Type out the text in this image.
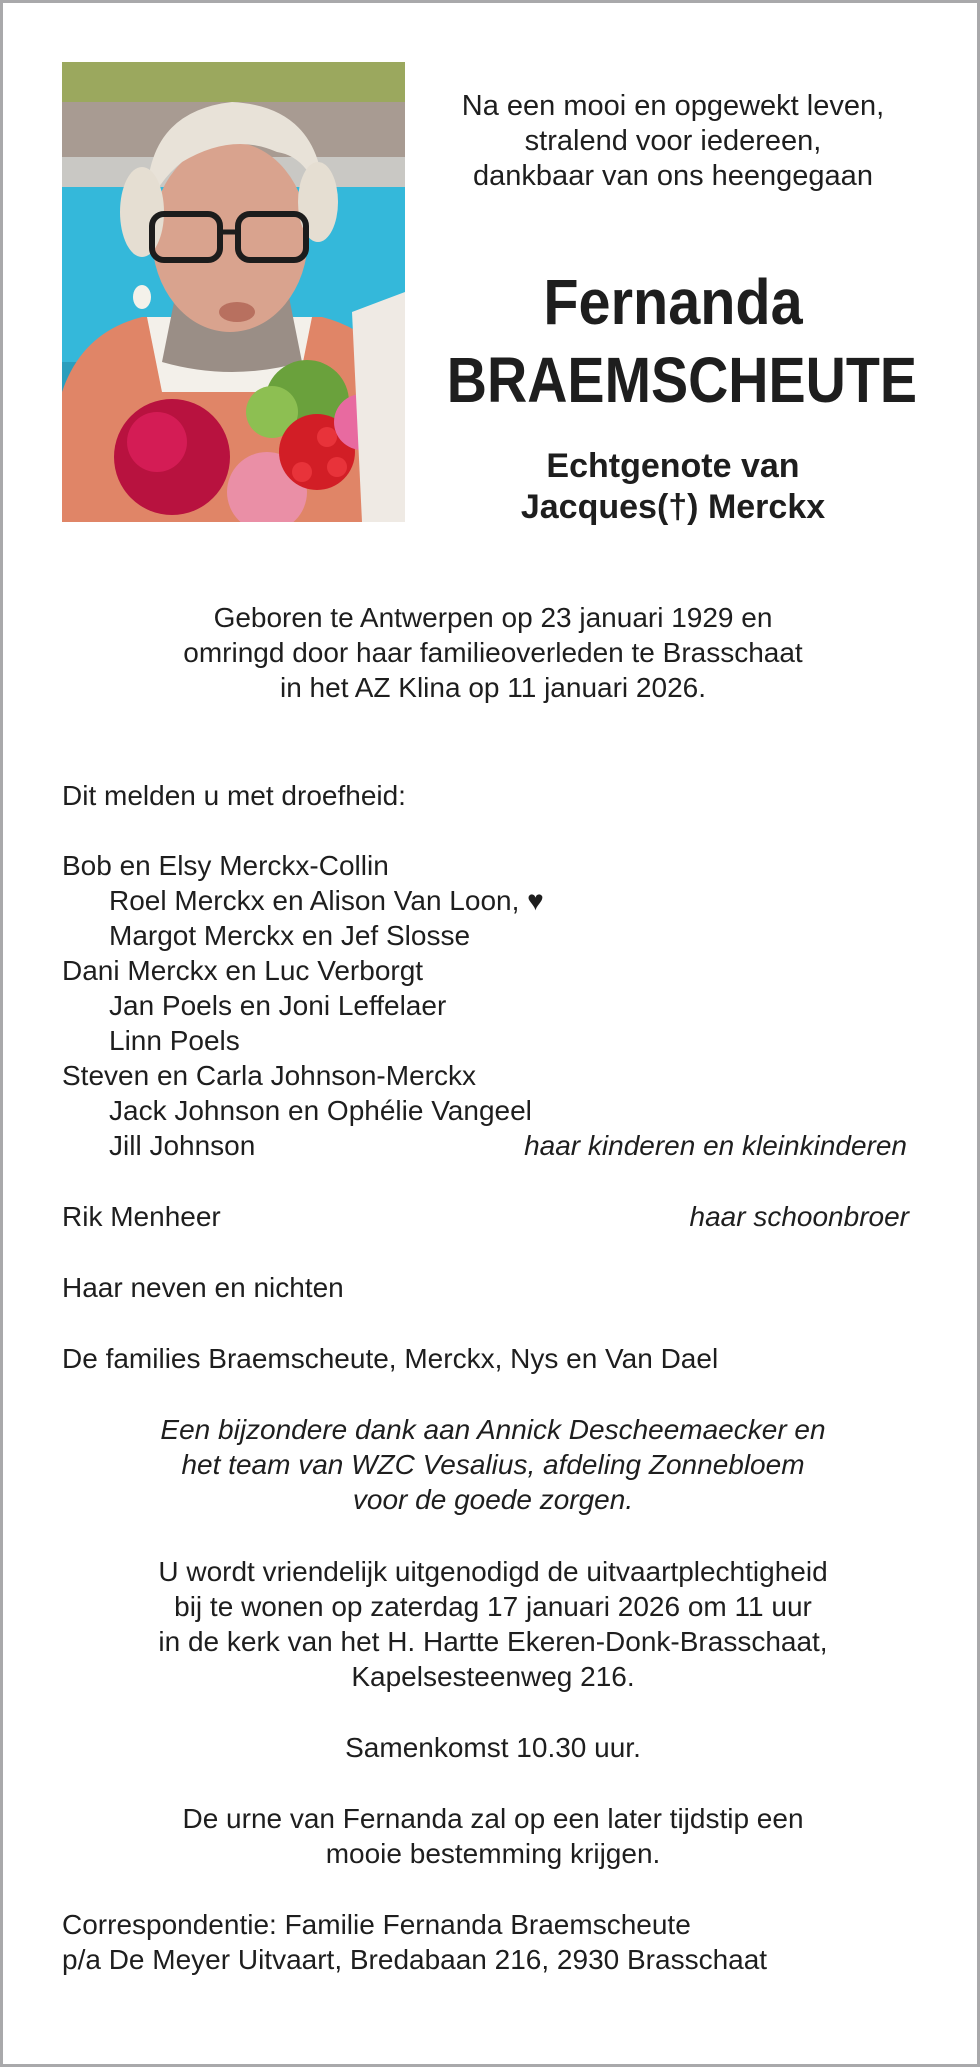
Na een mooi en opgewekt leven,
stralend voor iedereen,
dankbaar van ons heengegaan
Fernanda
BRAEMSCHEUTE
Echtgenote van
Jacques(†) Merckx
Geboren te Antwerpen op 23 januari 1929 en
omringd door haar familieoverleden te Brasschaat
in het AZ Klina op 11 januari 2026.
Dit melden u met droefheid:
Bob en Elsy Merckx-Collin
Roel Merckx en Alison Van Loon, ♥
Margot Merckx en Jef Slosse
Dani Merckx en Luc Verborgt
Jan Poels en Joni Leffelaer
Linn Poels
Steven en Carla Johnson-Merckx
Jack Johnson en Ophélie Vangeel
Jill Johnson	haar kinderen en kleinkinderen
Rik Menheer	haar schoonbroer
Haar neven en nichten
De families Braemscheute, Merckx, Nys en Van Dael
Een bijzondere dank aan Annick Descheemaecker en
het team van WZC Vesalius, afdeling Zonnebloem
voor de goede zorgen.
U wordt vriendelijk uitgenodigd de uitvaartplechtigheid
bij te wonen op zaterdag 17 januari 2026 om 11 uur
in de kerk van het H. Hartte Ekeren-Donk-Brasschaat,
Kapelsesteenweg 216.
Samenkomst 10.30 uur.
De urne van Fernanda zal op een later tijdstip een
mooie bestemming krijgen.
Correspondentie: Familie Fernanda Braemscheute
p/a De Meyer Uitvaart, Bredabaan 216, 2930 Brasschaat
